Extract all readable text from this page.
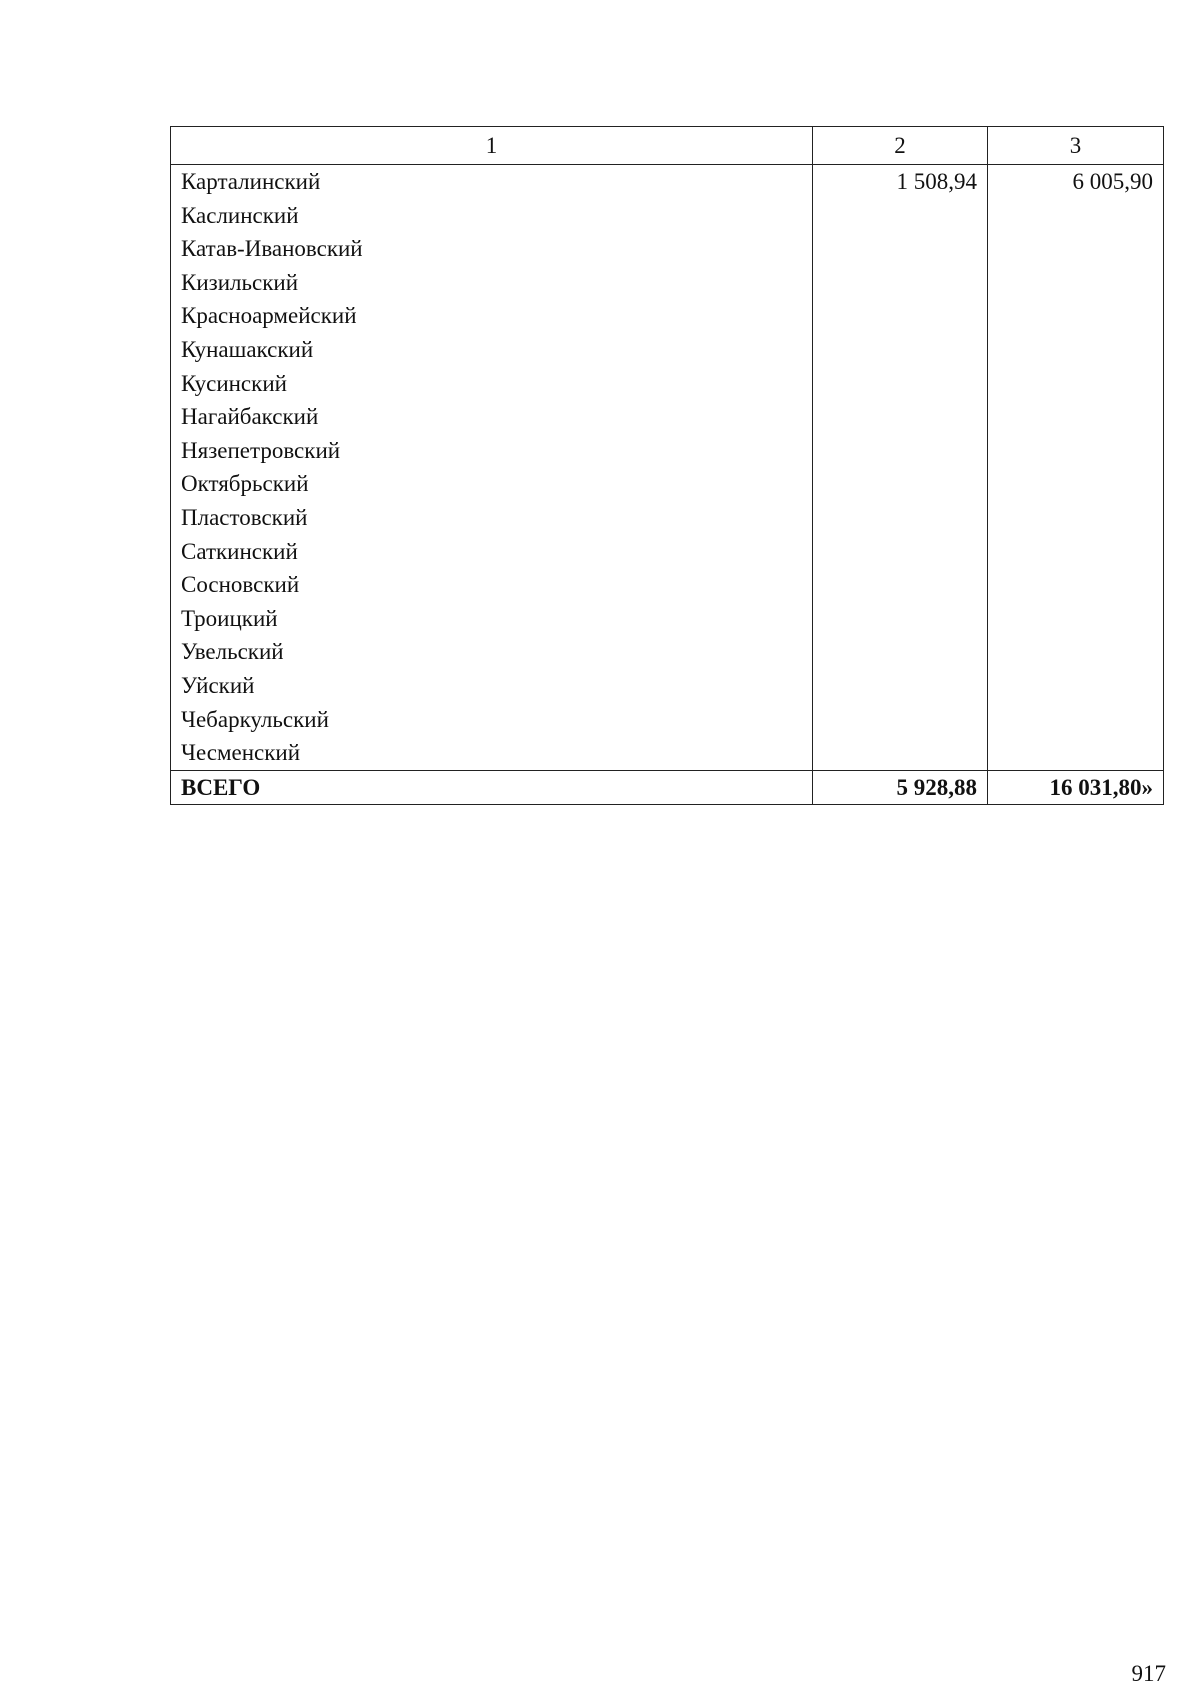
1	2	3
Карталинский	1 508,94	6 005,90
Каслинский		
Катав-Ивановский		
Кизильский		
Красноармейский		
Кунашакский		
Кусинский		
Нагайбакский		
Нязепетровский		
Октябрьский		
Пластовский		
Саткинский		
Сосновский		
Троицкий		
Увельский		
Уйский		
Чебаркульский		
Чесменский		
ВСЕГО	5 928,88	16 031,80»
917
